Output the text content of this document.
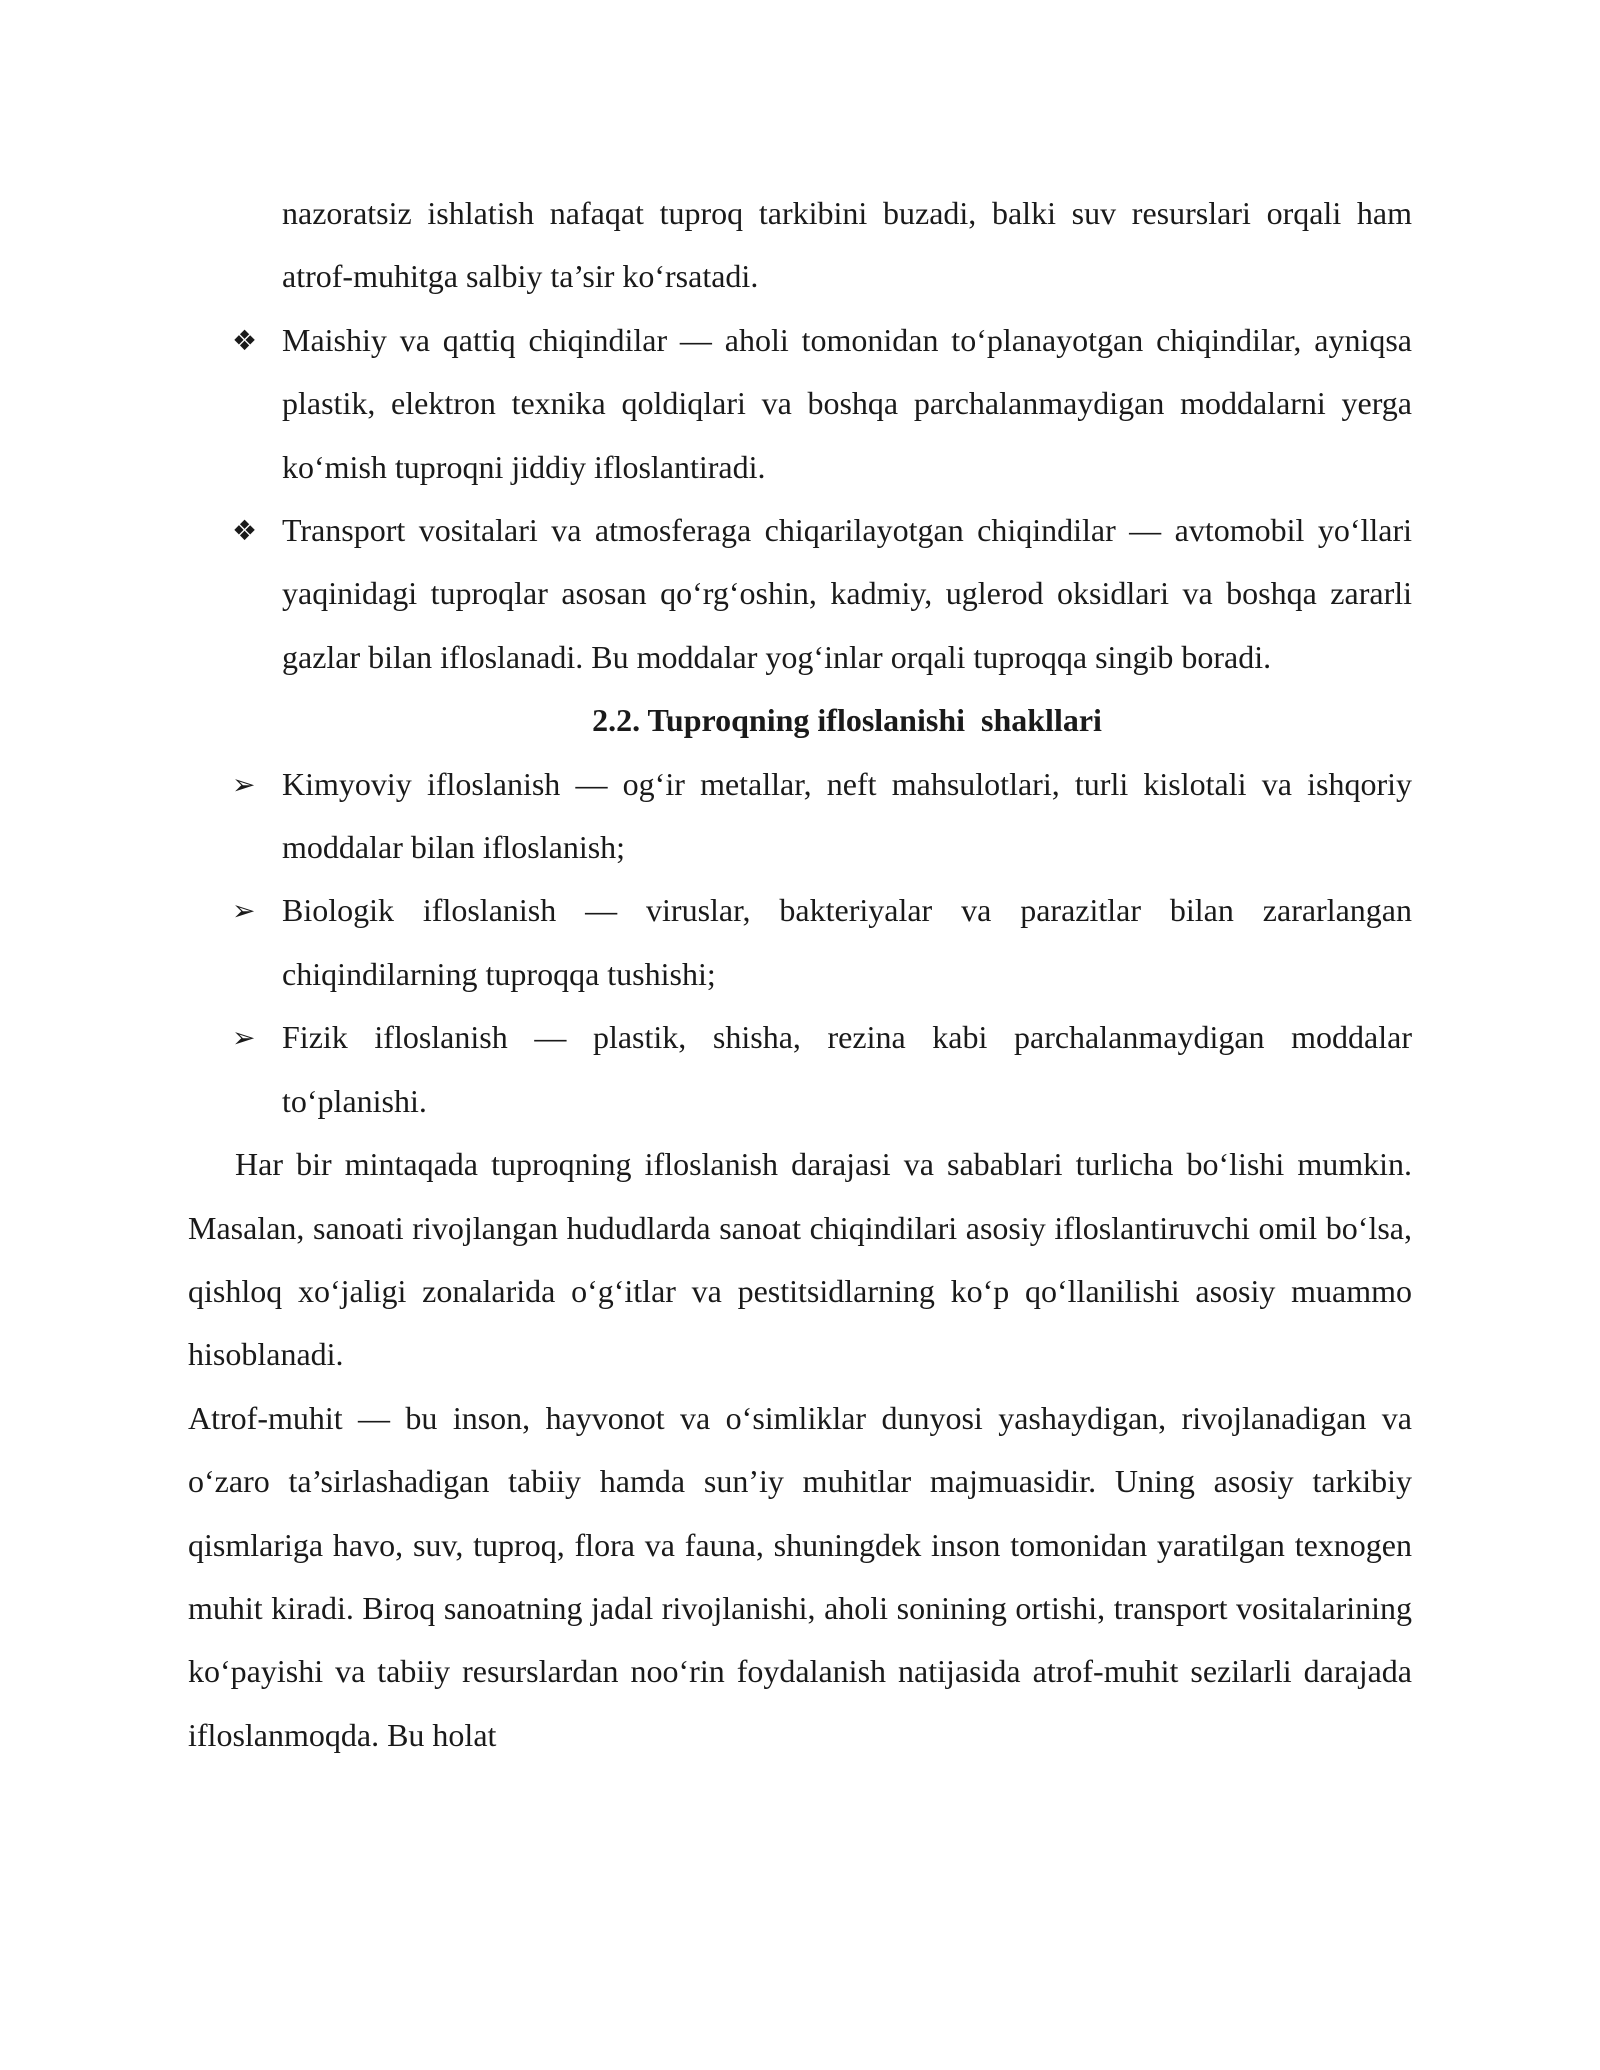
nazoratsiz ishlatish nafaqat tuproq tarkibini buzadi, balki suv resurslari orqali ham atrof-muhitga salbiy ta’sir ko‘rsatadi.

❖ Maishiy va qattiq chiqindilar — aholi tomonidan to‘planayotgan chiqindilar, ayniqsa plastik, elektron texnika qoldiqlari va boshqa parchalanmaydigan moddalarni yerga ko‘mish tuproqni jiddiy ifloslantiradi.
❖ Transport vositalari va atmosferaga chiqarilayotgan chiqindilar — avtomobil yo‘llari yaqinidagi tuproqlar asosan qo‘rg‘oshin, kadmiy, uglerod oksidlari va boshqa zararli gazlar bilan ifloslanadi. Bu moddalar yog‘inlar orqali tuproqqa singib boradi.
2.2. Tuproqning ifloslanishi  shakllari
➢ Kimyoviy ifloslanish — og‘ir metallar, neft mahsulotlari, turli kislotali va ishqoriy moddalar bilan ifloslanish;
➢ Biologik ifloslanish — viruslar, bakteriyalar va parazitlar bilan zararlangan chiqindilarning tuproqqa tushishi;
➢ Fizik ifloslanish — plastik, shisha, rezina kabi parchalanmaydigan moddalar to‘planishi.

Har bir mintaqada tuproqning ifloslanish darajasi va sabablari turlicha bo‘lishi mumkin. Masalan, sanoati rivojlangan hududlarda sanoat chiqindilari asosiy ifloslantiruvchi omil bo‘lsa, qishloq xo‘jaligi zonalarida o‘g‘itlar va pestitsidlarning ko‘p qo‘llanilishi asosiy muammo hisoblanadi.

Atrof-muhit — bu inson, hayvonot va o‘simliklar dunyosi yashaydigan, rivojlanadigan va o‘zaro ta’sirlashadigan tabiiy hamda sun’iy muhitlar majmuasidir. Uning asosiy tarkibiy qismlariga havo, suv, tuproq, flora va fauna, shuningdek inson tomonidan yaratilgan texnogen muhit kiradi. Biroq sanoatning jadal rivojlanishi, aholi sonining ortishi, transport vositalarining ko‘payishi va tabiiy resurslardan noo‘rin foydalanish natijasida atrof-muhit sezilarli darajada ifloslanmoqda. Bu holat
